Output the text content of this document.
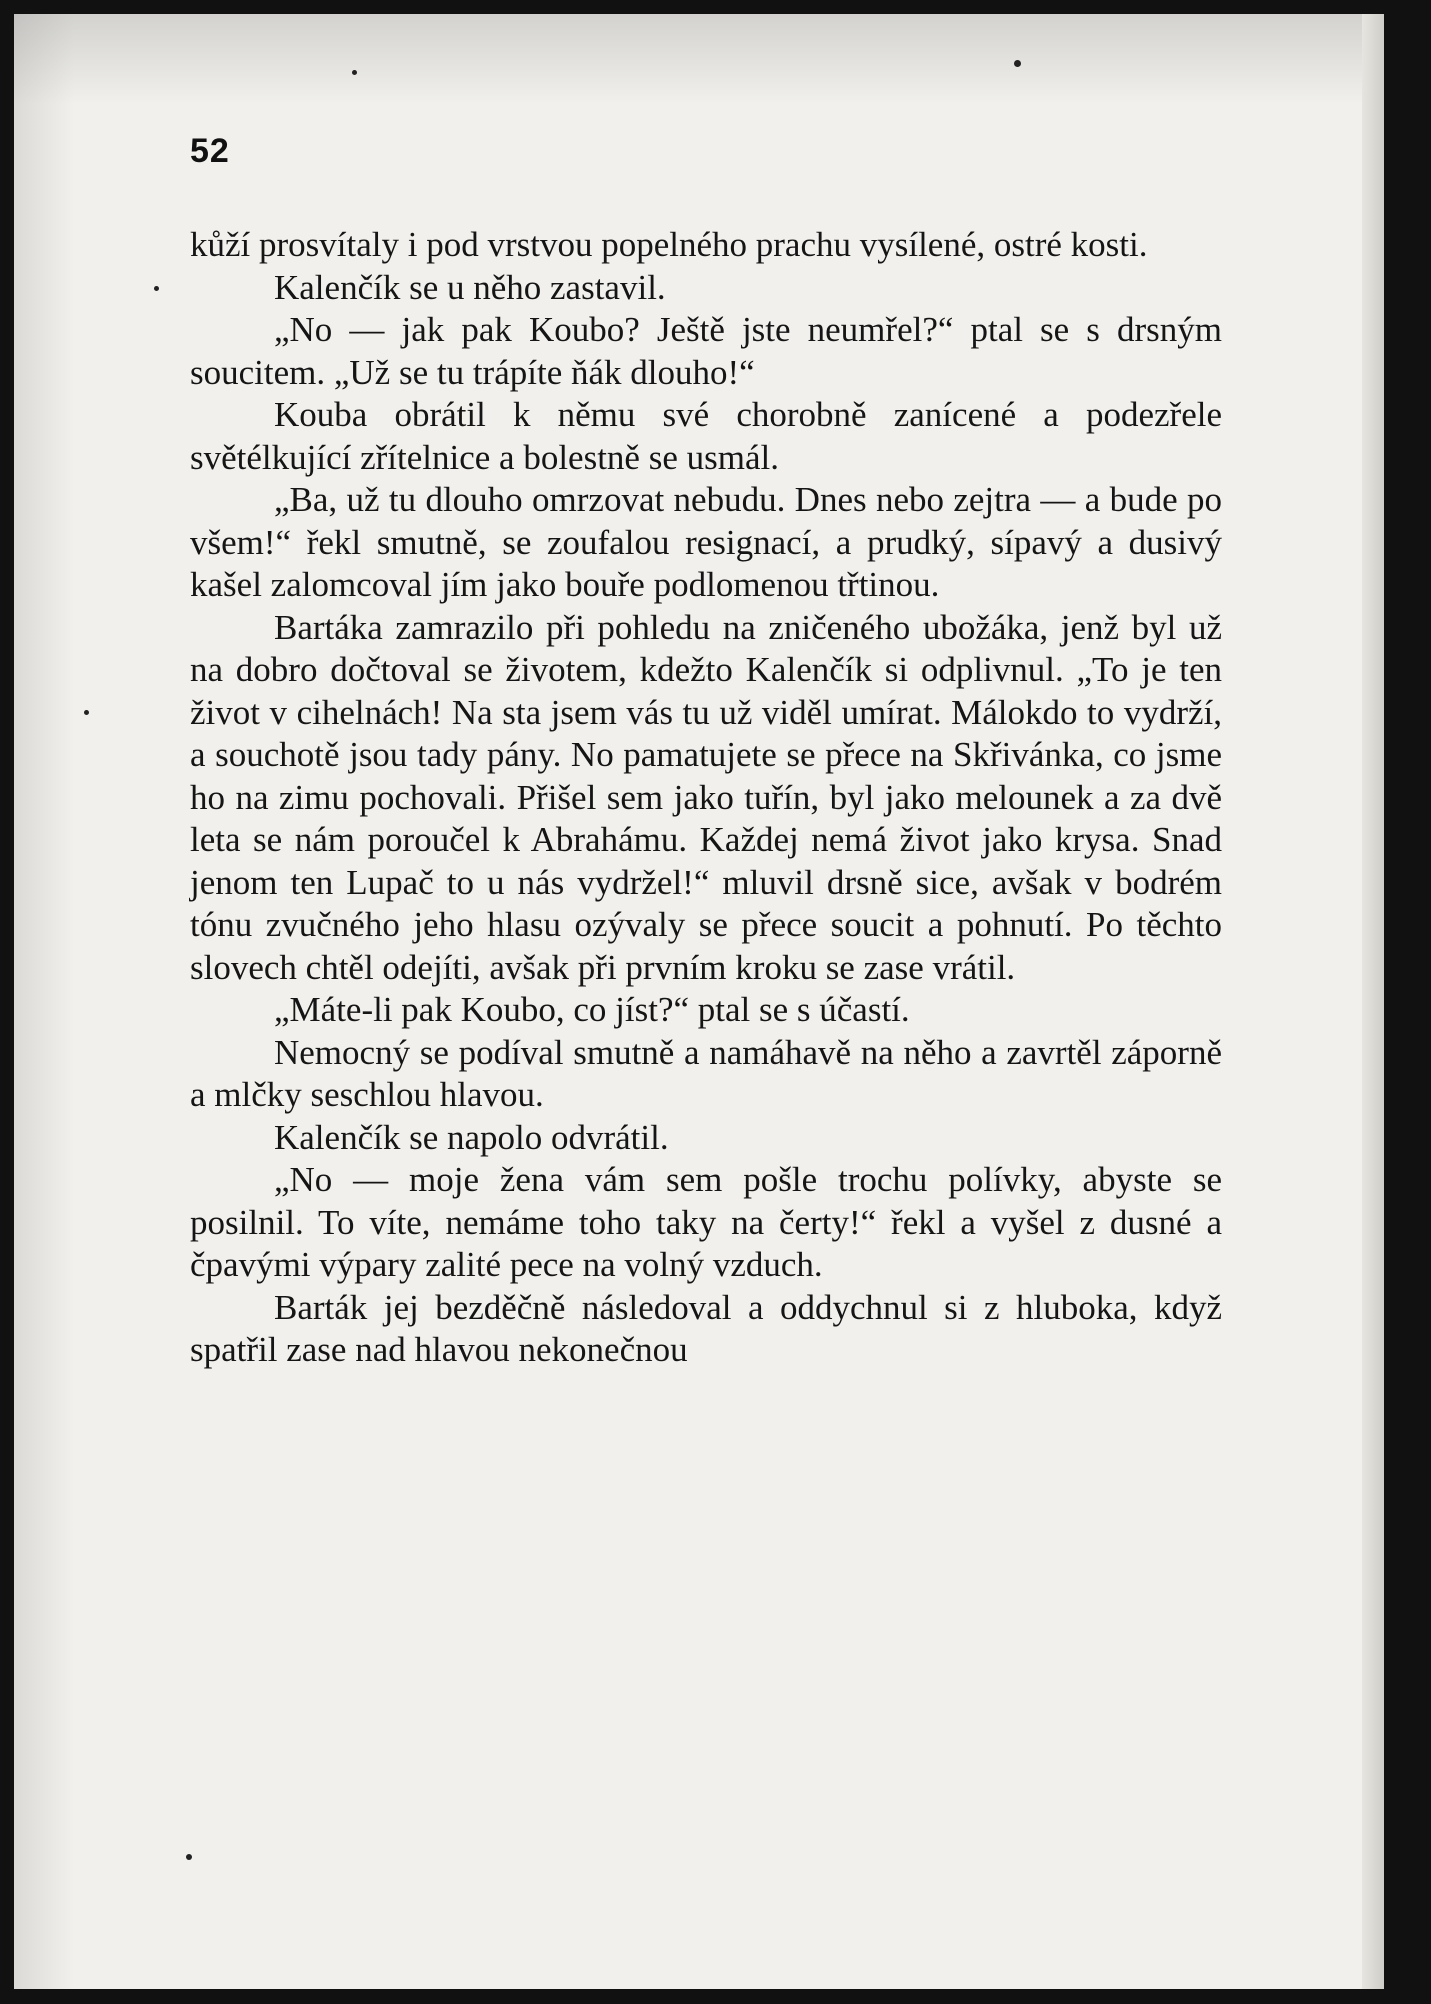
52

kůží prosvítaly i pod vrstvou popelného prachu vysílené, ostré kosti.

Kalenčík se u něho zastavil.

„No — jak pak Koubo? Ještě jste neumřel?“ ptal se s drsným soucitem. „Už se tu trápíte ňák dlouho!“

Kouba obrátil k němu své chorobně zanícené a podezřele světélkující zřítelnice a bolestně se usmál.

„Ba, už tu dlouho omrzovat nebudu. Dnes nebo zejtra — a bude po všem!“ řekl smutně, se zoufalou resignací, a prudký, sípavý a dusivý kašel zalomcoval jím jako bouře podlomenou třtinou.

Bartáka zamrazilo při pohledu na zničeného ubožáka, jenž byl už na dobro dočtoval se životem, kdežto Kalenčík si odplivnul. „To je ten život v cihelnách! Na sta jsem vás tu už viděl umírat. Málokdo to vydrží, a souchotě jsou tady pány. No pamatujete se přece na Skřivánka, co jsme ho na zimu pochovali. Přišel sem jako tuřín, byl jako melounek a za dvě leta se nám poroučel k Abrahámu. Každej nemá život jako krysa. Snad jenom ten Lupač to u nás vydržel!“ mluvil drsně sice, avšak v bodrém tónu zvučného jeho hlasu ozývaly se přece soucit a pohnutí. Po těchto slovech chtěl odejíti, avšak při prvním kroku se zase vrátil.

„Máte-li pak Koubo, co jíst?“ ptal se s účastí.

Nemocný se podíval smutně a namáhavě na něho a zavrtěl záporně a mlčky seschlou hlavou.

Kalenčík se napolo odvrátil.

„No — moje žena vám sem pošle trochu polívky, abyste se posilnil. To víte, nemáme toho taky na čerty!“ řekl a vyšel z dusné a čpavými výpary zalité pece na volný vzduch.

Barták jej bezděčně následoval a oddychnul si z hluboka, když spatřil zase nad hlavou nekonečnou
